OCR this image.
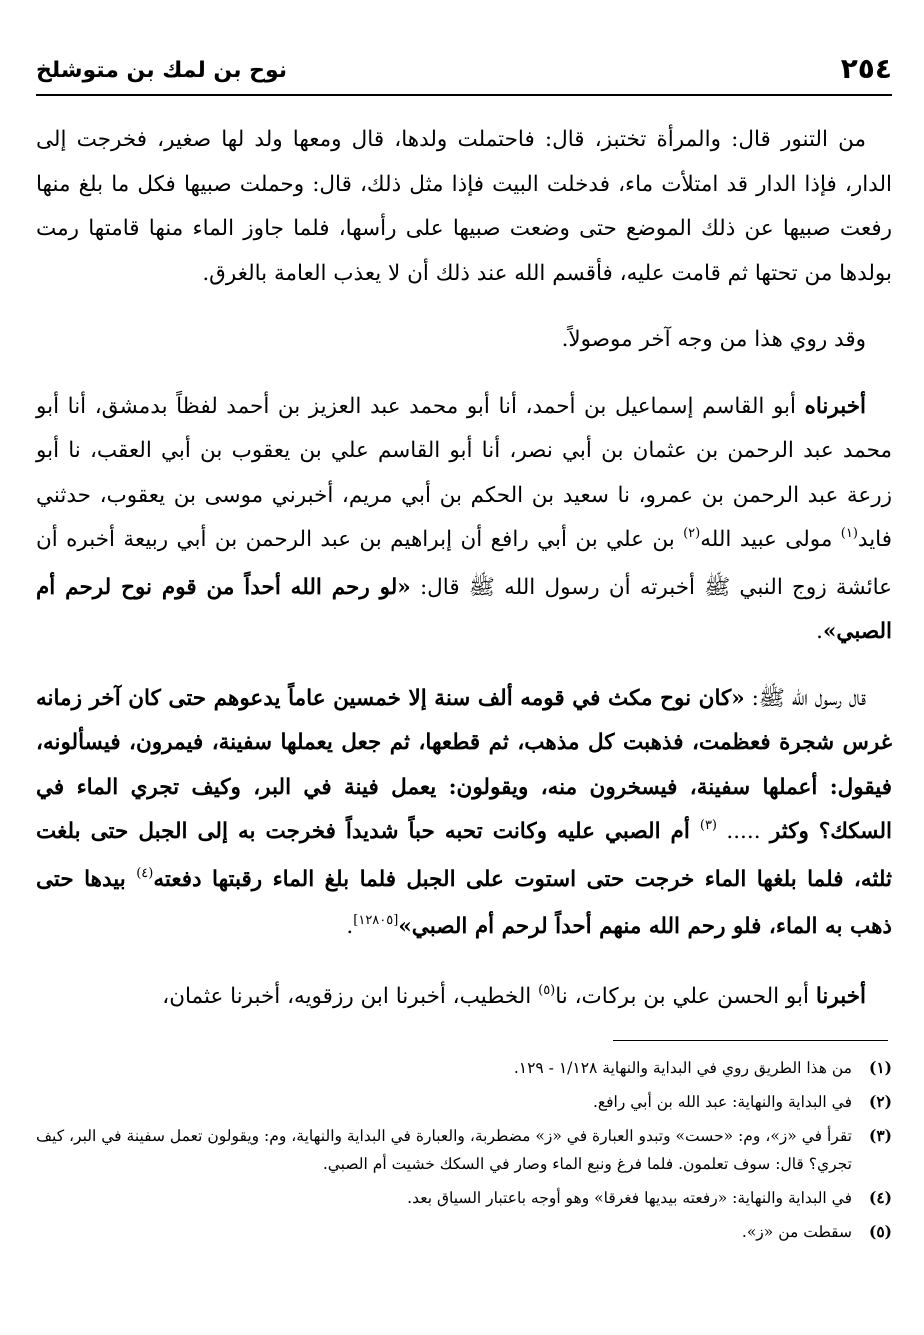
نوح بن لمك بن متوشلخ	٢٥٤

من التنور قال: والمرأة تختبز، قال: فاحتملت ولدها، قال ومعها ولد لها صغير، فخرجت إلى الدار، فإذا الدار قد امتلأت ماء، فدخلت البيت فإذا مثل ذلك، قال: وحملت صبيها فكل ما بلغ منها رفعت صبيها عن ذلك الموضع حتى وضعت صبيها على رأسها، فلما جاوز الماء منها قامتها رمت بولدها من تحتها ثم قامت عليه، فأقسم الله عند ذلك أن لا يعذب العامة بالغرق.

وقد روي هذا من وجه آخر موصولاً.

أخبرناه أبو القاسم إسماعيل بن أحمد، أنا أبو محمد عبد العزيز بن أحمد لفظاً بدمشق، أنا أبو محمد عبد الرحمن بن عثمان بن أبي نصر، أنا أبو القاسم علي بن يعقوب بن أبي العقب، نا أبو زرعة عبد الرحمن بن عمرو، نا سعيد بن الحكم بن أبي مريم، أخبرني موسى بن يعقوب، حدثني فايد$^{(١)}$ مولى عبيد الله$^{(٢)}$ بن علي بن أبي رافع أن إبراهيم بن عبد الرحمن بن أبي ربيعة أخبره أن عائشة زوج النبي ﷺ أخبرته أن رسول الله ﷺ قال: «لو رحم الله أحداً من قوم نوح لرحم أم الصبي».

قال رسول الله ﷺ: «كان نوح مكث في قومه ألف سنة إلا خمسين عاماً يدعوهم حتى كان آخر زمانه غرس شجرة فعظمت، فذهبت كل مذهب، ثم قطعها، ثم جعل يعملها سفينة، فيمرون، فيسألونه، فيقول: أعملها سفينة، فيسخرون منه، ويقولون: يعمل فينة في البر، وكيف تجري الماء في السكك؟ وكثر ..... $^{(٣)}$ أم الصبي عليه وكانت تحبه حباً شديداً فخرجت به إلى الجبل حتى بلغت ثلثه، فلما بلغها الماء خرجت حتى استوت على الجبل فلما بلغ الماء رقبتها دفعته$^{(٤)}$ بيدها حتى ذهب به الماء، فلو رحم الله منهم أحداً لرحم أم الصبي»[١٢٨٠٥].

أخبرنا أبو الحسن علي بن بركات، نا$^{(٥)}$ الخطيب، أخبرنا ابن رزقويه، أخبرنا عثمان،

(١)
من هذا الطريق روي في البداية والنهاية ١/١٢٨ - ١٢٩.
(٢)
في البداية والنهاية: عبد الله بن أبي رافع.
(٣)
تقرأ في «ز»، وم: «حست» وتبدو العبارة في «ز» مضطربة، والعبارة في البداية والنهاية، وم: ويقولون تعمل سفينة في البر، كيف تجري؟ قال: سوف تعلمون. فلما فرغ ونبع الماء وصار في السكك خشيت أم الصبي.
(٤)
في البداية والنهاية: «رفعته بيديها فغرقا» وهو أوجه باعتبار السياق بعد.
(٥)
سقطت من «ز».
